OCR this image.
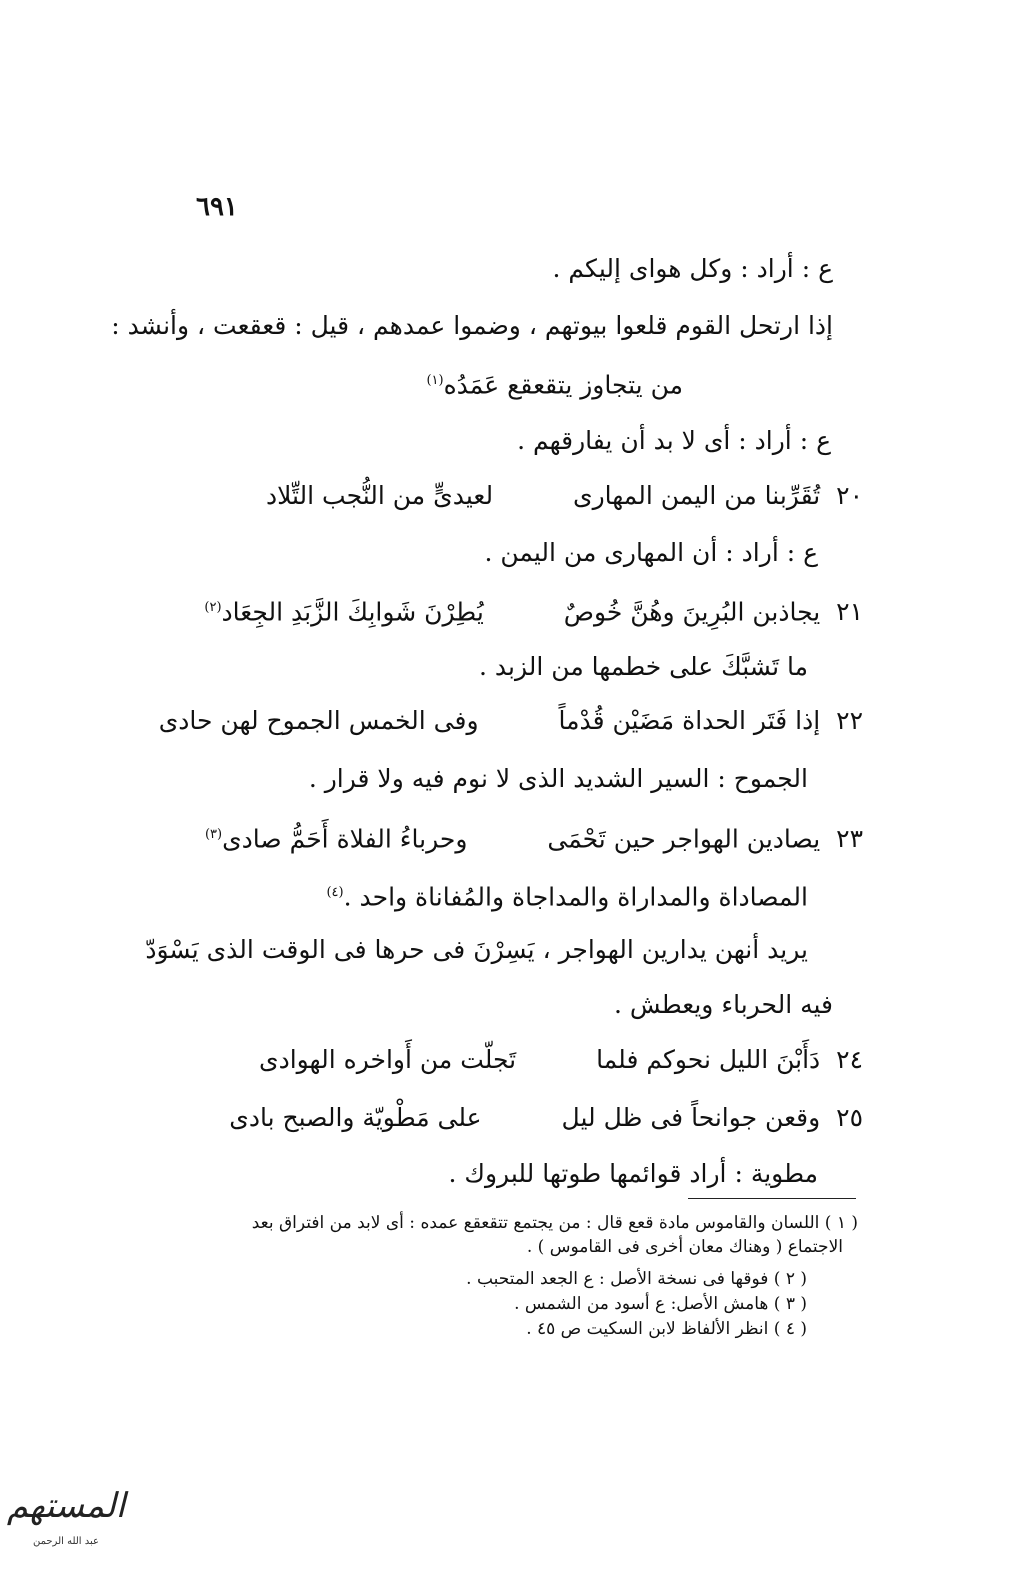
٦٩١
ع : أراد : وكل هواى إليكم .
إذا ارتحل القوم قلعوا بيوتهم ، وضموا عمدهم ، قيل : قعقعت ، وأنشد :
من يتجاوز يتقعقع عَمَدُه$^{(١)}$
ع : أراد : أى لا بد أن يفارقهم .
٢٠ تُقَرِّبنا من اليمن المهارى لعيدىٍّ من النُّجب التِّلاد
ع : أراد : أن المهارى من اليمن .
٢١ يجاذبن البُرِينَ وهُنَّ خُوصٌ يُطِرْنَ شَوابِكَ الزَّبَدِ الجِعَاد$^{(٢)}$
ما تَشبَّكَ على خطمها من الزبد .
٢٢ إذا فَتَر الحداة مَضَيْن قُدْماً وفى الخمس الجموح لهن حادى
الجموح : السير الشديد الذى لا نوم فيه ولا قرار .
٢٣ يصادين الهواجر حين تَحْمَى وحرباءُ الفلاة أَحَمُّ صادى$^{(٣)}$
المصاداة والمداراة والمداجاة والمُفاناة واحد .$^{(٤)}$
يريد أنهن يدارين الهواجر ، يَسِرْنَ فى حرها فى الوقت الذى يَسْوَدّ
فيه الحرباء ويعطش .
٢٤ دَأَبْنَ الليل نحوكم فلما تَجلّت من أَواخره الهوادى
٢٥ وقعن جوانحاً فى ظل ليل على مَطْويّة والصبح بادى
مطوية : أراد قوائمها طوتها للبروك .
( ١ ) اللسان والقاموس مادة قعع قال : من يجتمع تتقعقع عمده : أى لابد من افتراق بعد
الاجتماع ( وهناك معان أخرى فى القاموس ) .
( ٢ ) فوقها فى نسخة الأصل : ع الجعد المتحبب .
( ٣ ) هامش الأصل: ع أسود من الشمس .
( ٤ ) انظر الألفاظ لابن السكيت ص ٤٥ .
المستهم
عبد الله الرحمن
